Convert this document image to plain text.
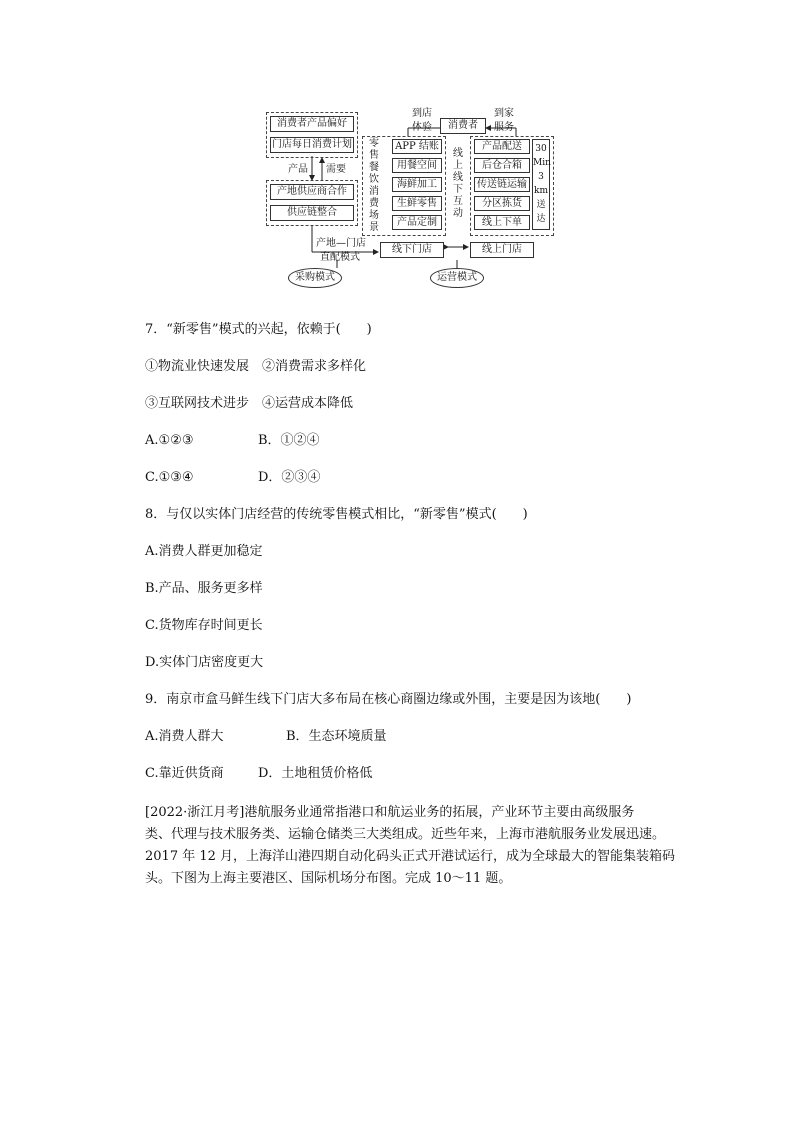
消费者产品偏好
门店每日消费计划
产品 需要
产地供应商合作
供应链整合
产地—门店
直配模式
采购模式
到店
体验	消费者
到家
服务
零售餐饮消费场景
APP 结账
用餐空间
海鲜加工
生鲜零售
产品定制
线上线下互动
产品配送
后仓合箱
传送链运输
分区拣货
线上下单
30
Min
3
km
送
达
线下门店	线上门店
运营模式
7．“新零售”模式的兴起，依赖于(　　)
①物流业快速发展　②消费需求多样化
③互联网技术进步　④运营成本降低
A.①②③	B．①②④
C.①③④	D．②③④
8．与仅以实体门店经营的传统零售模式相比，“新零售”模式(　　)
A.消费人群更加稳定
B.产品、服务更多样
C.货物库存时间更长
D.实体门店密度更大
9．南京市盒马鲜生线下门店大多布局在核心商圈边缘或外围，主要是因为该地(　　)
A.消费人群大	B．生态环境质量
C.靠近供货商	D．土地租赁价格低

[2022·浙江月考]港航服务业通常指港口和航运业务的拓展，产业环节主要由高级服务

类、代理与技术服务类、运输仓储类三大类组成。近些年来，上海市港航服务业发展迅速。

2017 年 12 月，上海洋山港四期自动化码头正式开港试运行，成为全球最大的智能集装箱码

头。下图为上海主要港区、国际机场分布图。完成 10～11 题。
